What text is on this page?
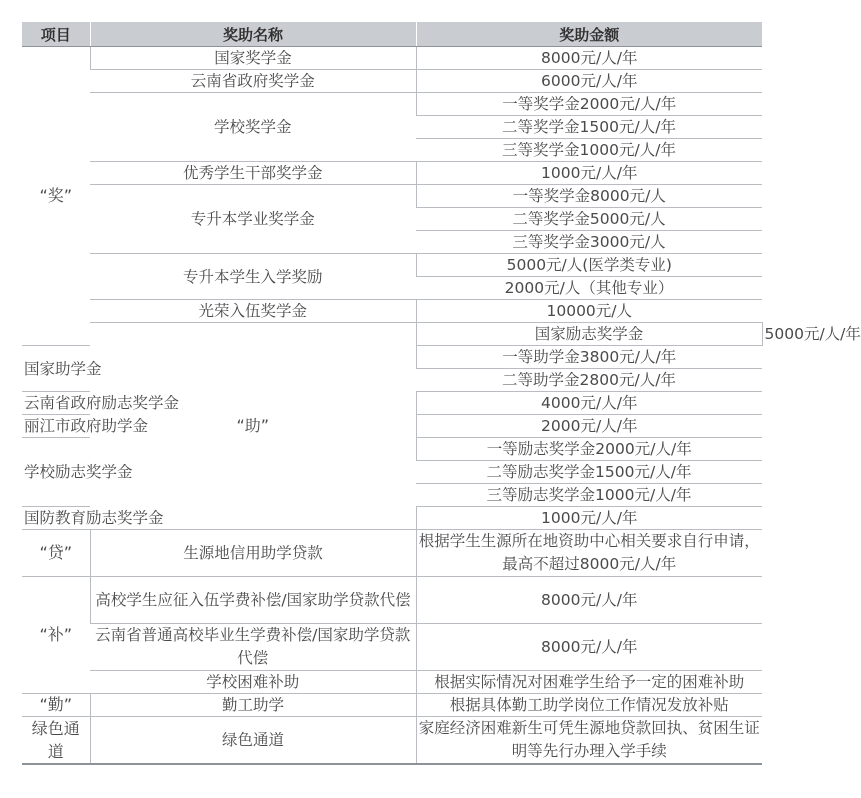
项目	奖助名称	奖助金额	
“奖”	国家奖学金	8000元/人/年	
	云南省政府奖学金	6000元/人/年	
	学校奖学金	一等奖学金2000元/人/年	
		二等奖学金1500元/人/年	
		三等奖学金1000元/人/年	
	优秀学生干部奖学金	1000元/人/年	
	专升本学业奖学金	一等奖学金8000元/人	
		二等奖学金5000元/人	
		三等奖学金3000元/人	
	专升本学生入学奖励	5000元/人(医学类专业)	
		2000元/人（其他专业）	
	光荣入伍奖学金	10000元/人	
	“助”	国家励志奖学金	5000元/人/年
国家助学金		一等助学金3800元/人/年	
		二等助学金2800元/人/年	
云南省政府励志奖学金		4000元/人/年	
丽江市政府助学金		2000元/人/年	
学校励志奖学金		一等励志奖学金2000元/人/年	
		二等励志奖学金1500元/人/年	
		三等励志奖学金1000元/人/年	
国防教育励志奖学金		1000元/人/年	
“贷”	生源地信用助学贷款	根据学生生源所在地资助中心相关要求自行申请，最高不超过8000元/人/年	
“补”	高校学生应征入伍学费补偿/国家助学贷款代偿	8000元/人/年	
	云南省普通高校毕业生学费补偿/国家助学贷款代偿	8000元/人/年	
	学校困难补助	根据实际情况对困难学生给予一定的困难补助	
“勤”	勤工助学	根据具体勤工助学岗位工作情况发放补贴	
绿色通道	绿色通道	家庭经济困难新生可凭生源地贷款回执、贫困生证明等先行办理入学手续	
